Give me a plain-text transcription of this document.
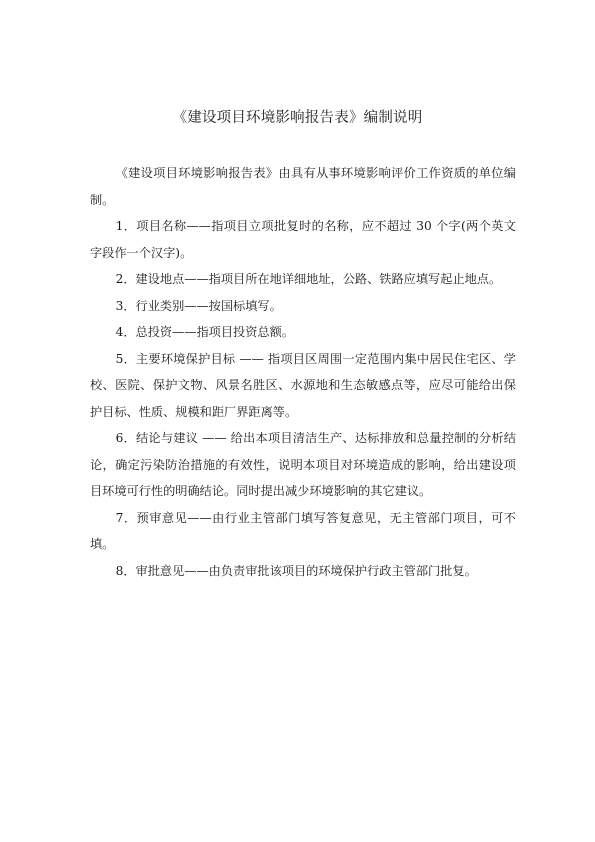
《建设项目环境影响报告表》编制说明

《建设项目环境影响报告表》由具有从事环境影响评价工作资质的单位编制。

1．项目名称——指项目立项批复时的名称，应不超过 30 个字(两个英文字段作一个汉字)。

2．建设地点——指项目所在地详细地址，公路、铁路应填写起止地点。

3．行业类别——按国标填写。

4．总投资——指项目投资总额。

5．主要环境保护目标 —— 指项目区周围一定范围内集中居民住宅区、学校、医院、保护文物、风景名胜区、水源地和生态敏感点等，应尽可能给出保护目标、性质、规模和距厂界距离等。

6．结论与建议 —— 给出本项目清洁生产、达标排放和总量控制的分析结论，确定污染防治措施的有效性，说明本项目对环境造成的影响，给出建设项目环境可行性的明确结论。同时提出减少环境影响的其它建议。

7．预审意见——由行业主管部门填写答复意见，无主管部门项目，可不填。

8．审批意见——由负责审批该项目的环境保护行政主管部门批复。
